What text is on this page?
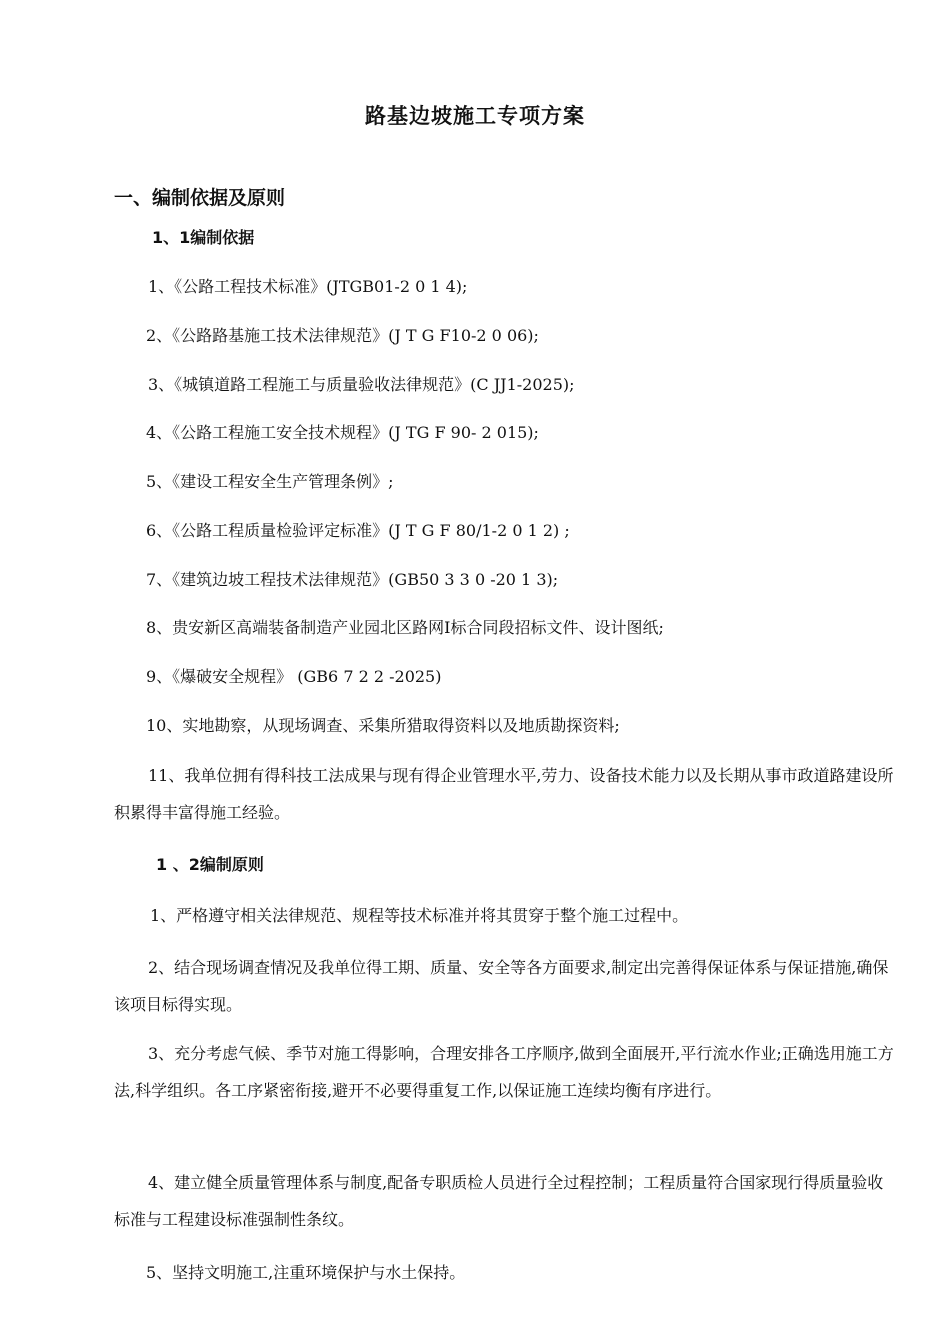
路基边坡施工专项方案
一、编制依据及原则
1、1编制依据

1、《公路工程技术标准》(JTGB01-2 0 1 4);

2、《公路路基施工技术法律规范》(J T G F10-2 0 06);

3、《城镇道路工程施工与质量验收法律规范》(C JJ1-2025);

4、《公路工程施工安全技术规程》(J TG F 90- 2 015);

5、《建设工程安全生产管理条例》;

6、《公路工程质量检验评定标准》(J T G F 80/1-2 0 1 2) ;

7、《建筑边坡工程技术法律规范》(GB50 3 3 0 -20 1 3);

8、贵安新区高端装备制造产业园北区路网Ⅰ标合同段招标文件、设计图纸;

9、《爆破安全规程》 (GB6 7 2 2 -2025)

10、实地勘察，从现场调查、采集所猎取得资料以及地质勘探资料;

11、我单位拥有得科技工法成果与现有得企业管理水平,劳力、设备技术能力以及长期从事市政道路建设所积累得丰富得施工经验。

1 、2编制原则

1、严格遵守相关法律规范、规程等技术标准并将其贯穿于整个施工过程中。

2、结合现场调查情况及我单位得工期、质量、安全等各方面要求,制定出完善得保证体系与保证措施,确保该项目标得实现。

3、充分考虑气候、季节对施工得影响，合理安排各工序顺序,做到全面展开,平行流水作业;正确选用施工方法,科学组织。各工序紧密衔接,避开不必要得重复工作,以保证施工连续均衡有序进行。

4、建立健全质量管理体系与制度,配备专职质检人员进行全过程控制；工程质量符合国家现行得质量验收标准与工程建设标准强制性条纹。

5、坚持文明施工,注重环境保护与水土保持。
